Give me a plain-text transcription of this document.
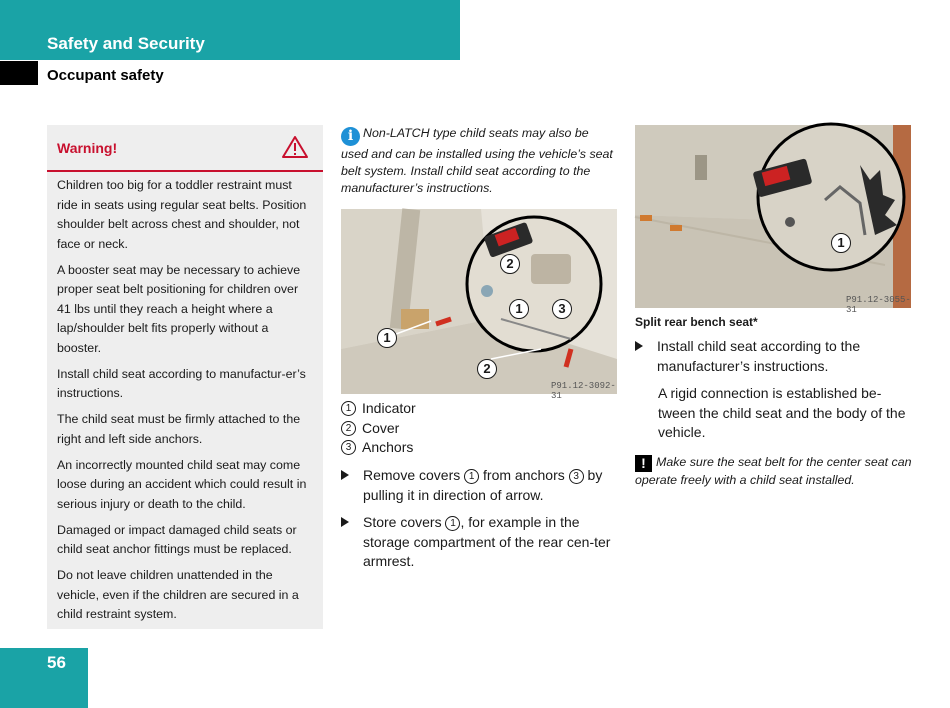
Safety and Security
Occupant safety
Warning!

Children too big for a toddler restraint must ride in seats using regular seat belts. Position shoulder belt across chest and shoulder, not face or neck.

A booster seat may be necessary to achieve proper seat belt positioning for children over 41 lbs until they reach a height where a lap/shoulder belt fits properly without a booster.

Install child seat according to manufactur-er’s instructions.

The child seat must be firmly attached to the right and left side anchors.

An incorrectly mounted child seat may come loose during an accident which could result in serious injury or death to the child.

Damaged or impact damaged child seats or child seat anchor fittings must be replaced.

Do not leave children unattended in the vehicle, even if the children are secured in a child restraint system.

i Non-LATCH type child seats may also be used and can be installed using the vehicle’s seat belt system. Install child seat according to the manufacturer’s instructions.
2
1	3
1
2
P91.12-3092-31
1 Indicator
2 Cover
3 Anchors
Remove covers 1 from anchors 3 by pulling it in direction of arrow.
Store covers 1 , for example in the storage compartment of the rear cen-ter armrest.
1
P91.12-3055-31
Split rear bench seat*
Install child seat according to the manufacturer’s instructions.
A rigid connection is established be-tween the child seat and the body of the vehicle.
! Make sure the seat belt for the center seat can operate freely with a child seat installed.
56
